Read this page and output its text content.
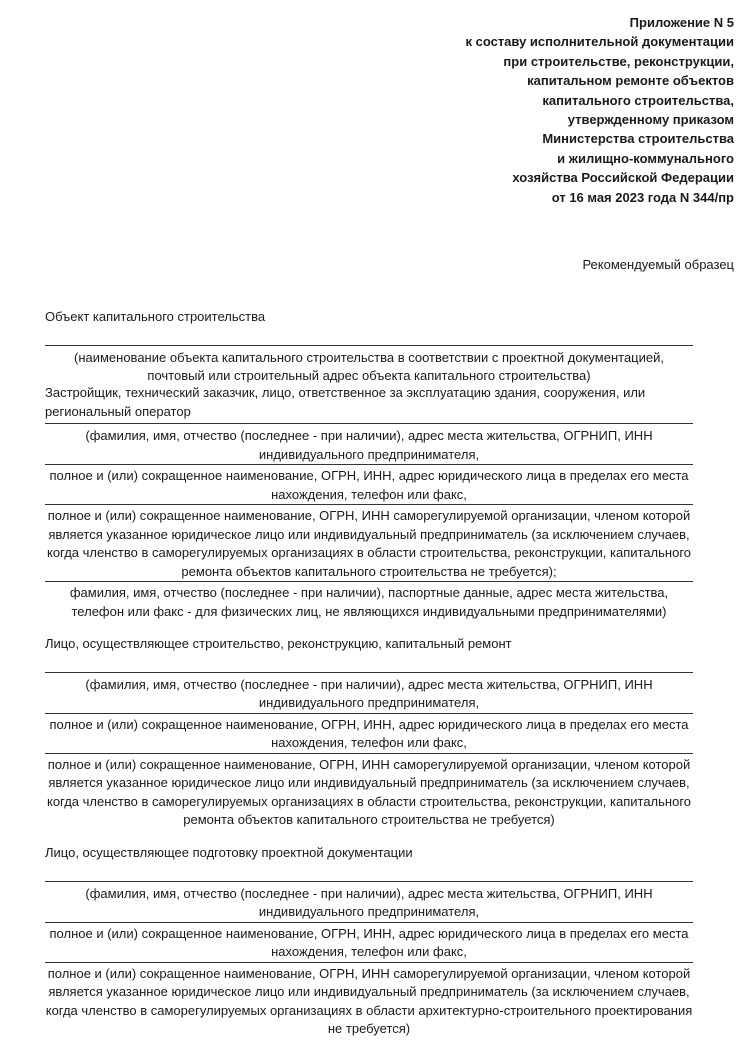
Приложение N 5
к составу исполнительной документации
при строительстве, реконструкции,
капитальном ремонте объектов
капитального строительства,
утвержденному приказом
Министерства строительства
и жилищно-коммунального
хозяйства Российской Федерации
от 16 мая 2023 года N 344/пр
Рекомендуемый образец
Объект капитального строительства
(наименование объекта капитального строительства в соответствии с проектной документацией, почтовый или строительный адрес объекта капитального строительства)
Застройщик, технический заказчик, лицо, ответственное за эксплуатацию здания, сооружения, или региональный оператор
(фамилия, имя, отчество (последнее - при наличии), адрес места жительства, ОГРНИП, ИНН индивидуального предпринимателя,
полное и (или) сокращенное наименование, ОГРН, ИНН, адрес юридического лица в пределах его места нахождения, телефон или факс,
полное и (или) сокращенное наименование, ОГРН, ИНН саморегулируемой организации, членом которой является указанное юридическое лицо или индивидуальный предприниматель (за исключением случаев, когда членство в саморегулируемых организациях в области строительства, реконструкции, капитального ремонта объектов капитального строительства не требуется);
фамилия, имя, отчество (последнее - при наличии), паспортные данные, адрес места жительства, телефон или факс - для физических лиц, не являющихся индивидуальными предпринимателями)
Лицо, осуществляющее строительство, реконструкцию, капитальный ремонт
(фамилия, имя, отчество (последнее - при наличии), адрес места жительства, ОГРНИП, ИНН индивидуального предпринимателя,
полное и (или) сокращенное наименование, ОГРН, ИНН, адрес юридического лица в пределах его места нахождения, телефон или факс,
полное и (или) сокращенное наименование, ОГРН, ИНН саморегулируемой организации, членом которой является указанное юридическое лицо или индивидуальный предприниматель (за исключением случаев, когда членство в саморегулируемых организациях в области строительства, реконструкции, капитального ремонта объектов капитального строительства не требуется)
Лицо, осуществляющее подготовку проектной документации
(фамилия, имя, отчество (последнее - при наличии), адрес места жительства, ОГРНИП, ИНН индивидуального предпринимателя,
полное и (или) сокращенное наименование, ОГРН, ИНН, адрес юридического лица в пределах его места нахождения, телефон или факс,
полное и (или) сокращенное наименование, ОГРН, ИНН саморегулируемой организации, членом которой является указанное юридическое лицо или индивидуальный предприниматель (за исключением случаев, когда членство в саморегулируемых организациях в области архитектурно-строительного проектирования не требуется)
